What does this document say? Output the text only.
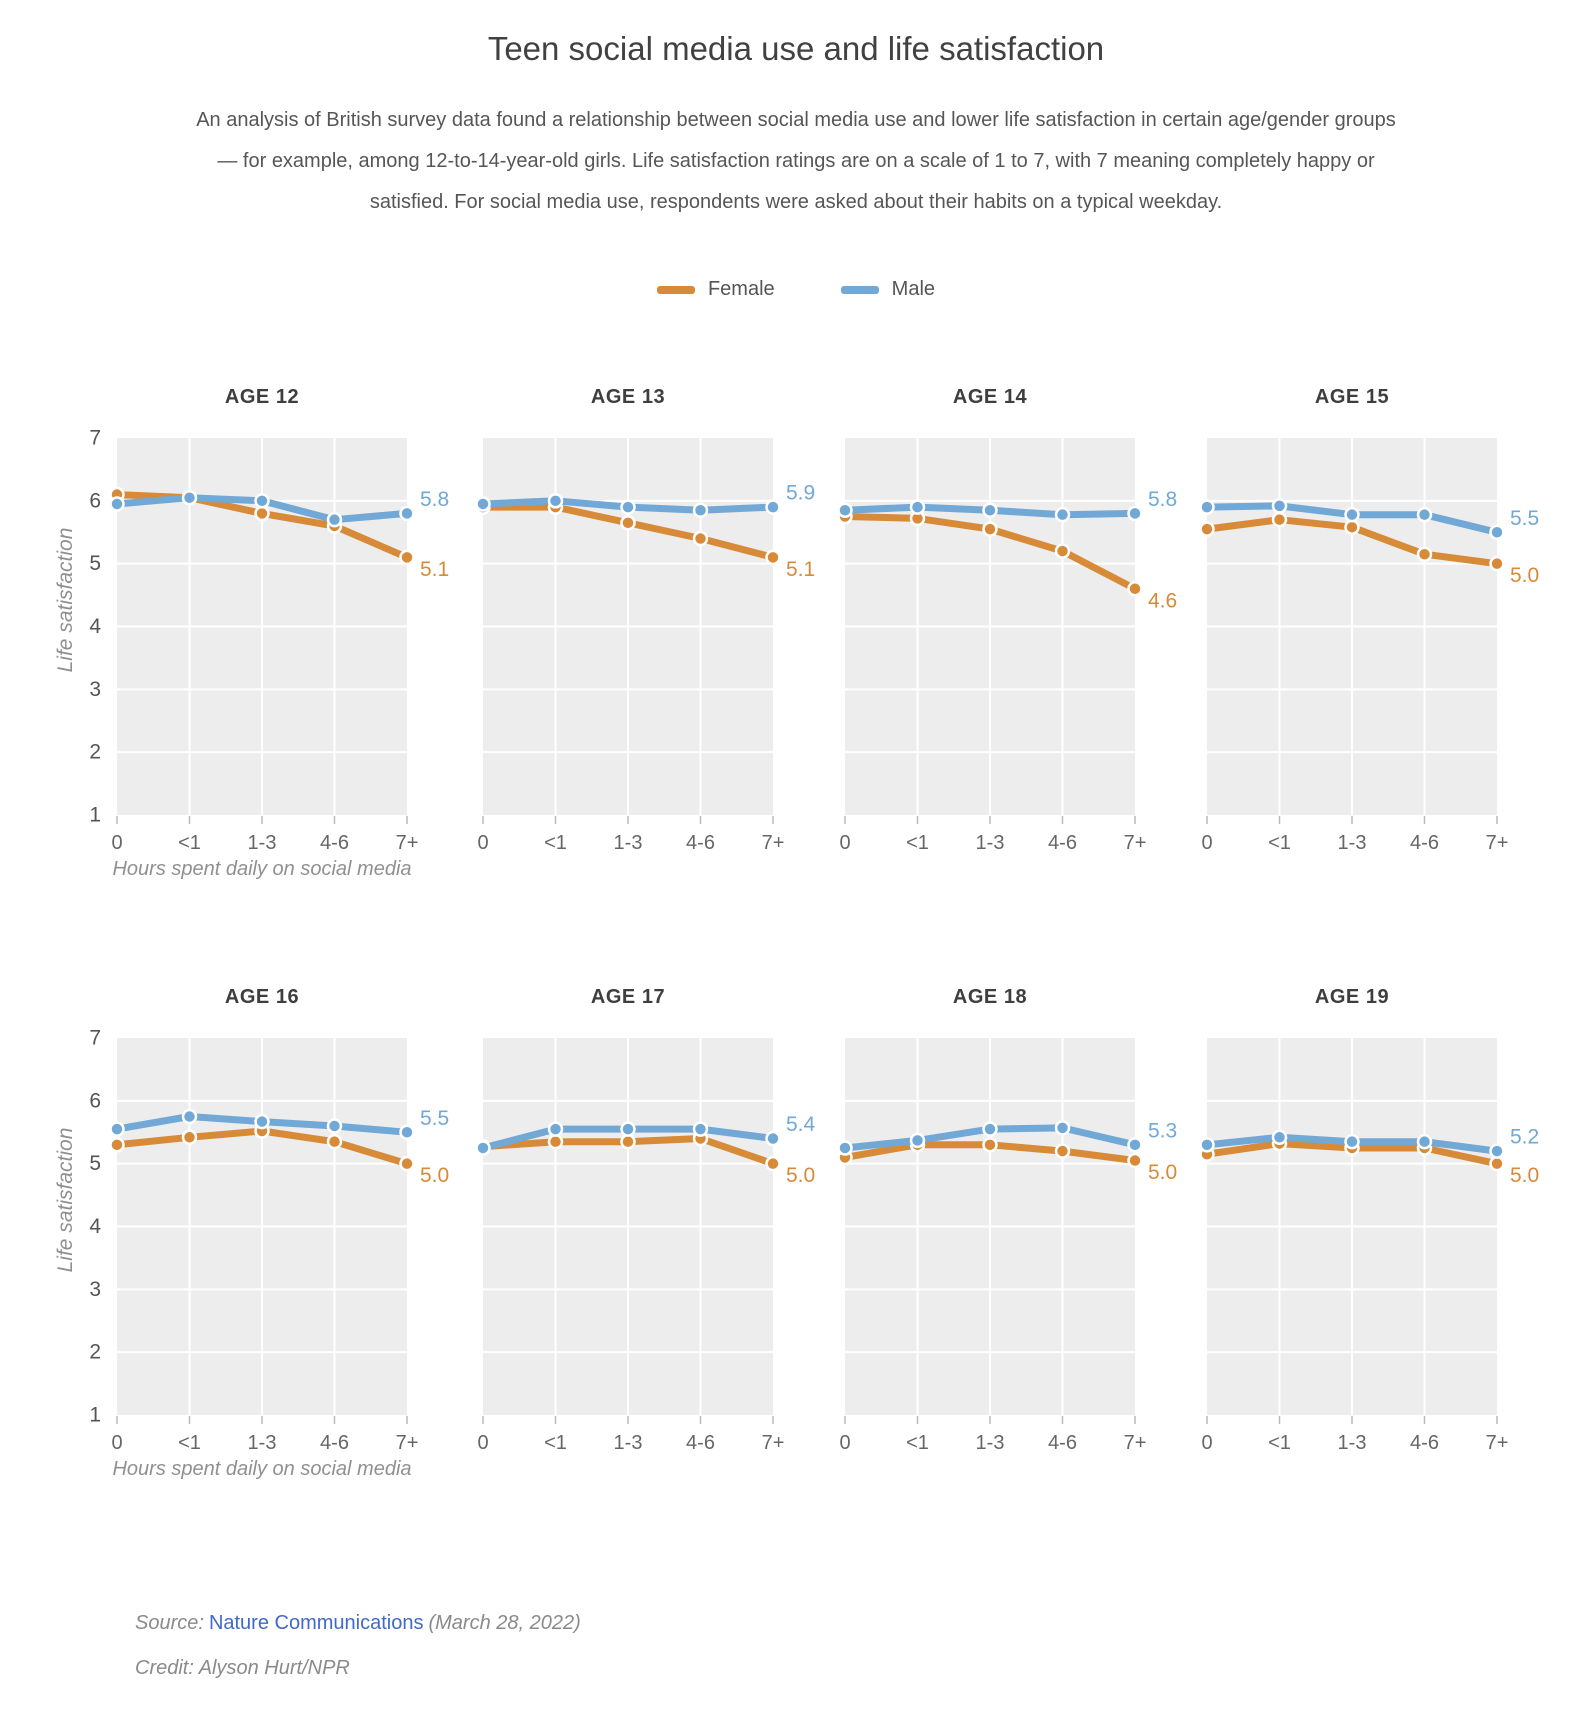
Teen social media use and life satisfaction
An analysis of British survey data found a relationship between social media use and lower life satisfaction in certain age/gender groups — for example, among 12-to-14-year-old girls. Life satisfaction ratings are on a scale of 1 to 7, with 7 meaning completely happy or satisfied. For social media use, respondents were asked about their habits on a typical weekday.
Female	Male
Life satisfaction
Life satisfaction
AGE 12
0	<1 1-3 4-6 7+
7
6
5
4
3
2
1
5.1
5.8
Hours spent daily on social media
AGE 13
0	<1 1-3 4-6 7+
5.1
5.9
AGE 14
0	<1 1-3 4-6 7+
4.6
5.8
AGE 15
0	<1 1-3 4-6 7+
5.0
5.5
AGE 16
0	<1 1-3 4-6 7+
7
6
5
4
3
2
1
5.0
5.5
Hours spent daily on social media
AGE 17
0	<1 1-3 4-6 7+
5.0
5.4
AGE 18
0	<1 1-3 4-6 7+
5.0
5.3
AGE 19
0	<1 1-3 4-6 7+
5.0
5.2
Source: Nature Communications (March 28, 2022)
Credit: Alyson Hurt/NPR
